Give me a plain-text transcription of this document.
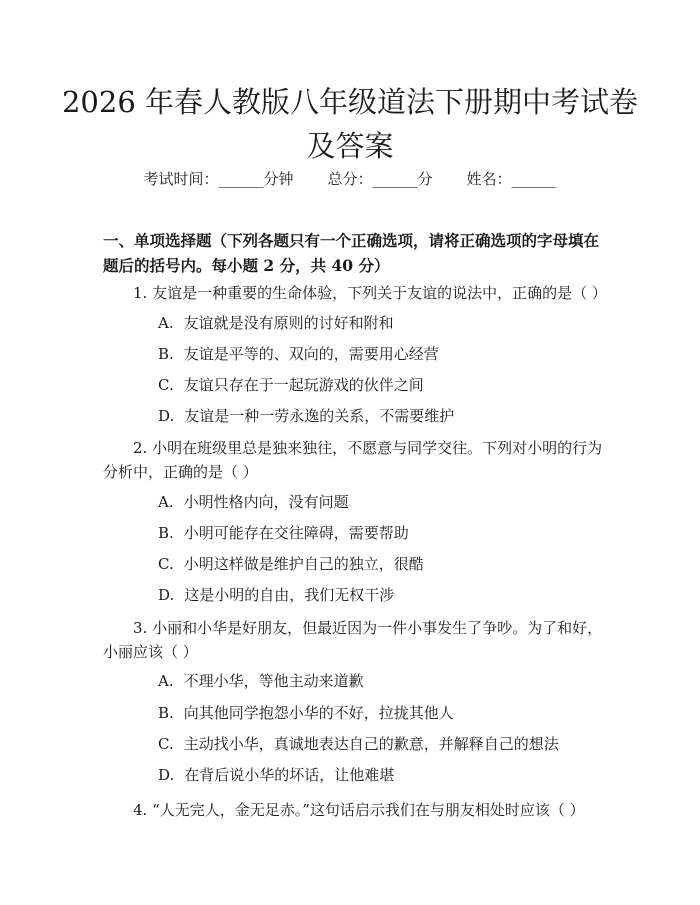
2026 年春人教版八年级道法下册期中考试卷及答案
考试时间：______分钟 总分：______分 姓名：______

一、单项选择题（下列各题只有一个正确选项，请将正确选项的字母填在题后的括号内。每小题 2 分，共 40 分）

1. 友谊是一种重要的生命体验，下列关于友谊的说法中，正确的是（ ）

A. 友谊就是没有原则的讨好和附和

B. 友谊是平等的、双向的，需要用心经营

C. 友谊只存在于一起玩游戏的伙伴之间

D. 友谊是一种一劳永逸的关系，不需要维护

2. 小明在班级里总是独来独往，不愿意与同学交往。下列对小明的行为分析中，正确的是（ ）

A. 小明性格内向，没有问题

B. 小明可能存在交往障碍，需要帮助

C. 小明这样做是维护自己的独立，很酷

D. 这是小明的自由，我们无权干涉

3. 小丽和小华是好朋友，但最近因为一件小事发生了争吵。为了和好，小丽应该（ ）

A. 不理小华，等他主动来道歉

B. 向其他同学抱怨小华的不好，拉拢其他人

C. 主动找小华，真诚地表达自己的歉意，并解释自己的想法

D. 在背后说小华的坏话，让他难堪

4. “人无完人，金无足赤。”这句话启示我们在与朋友相处时应该（ ）
